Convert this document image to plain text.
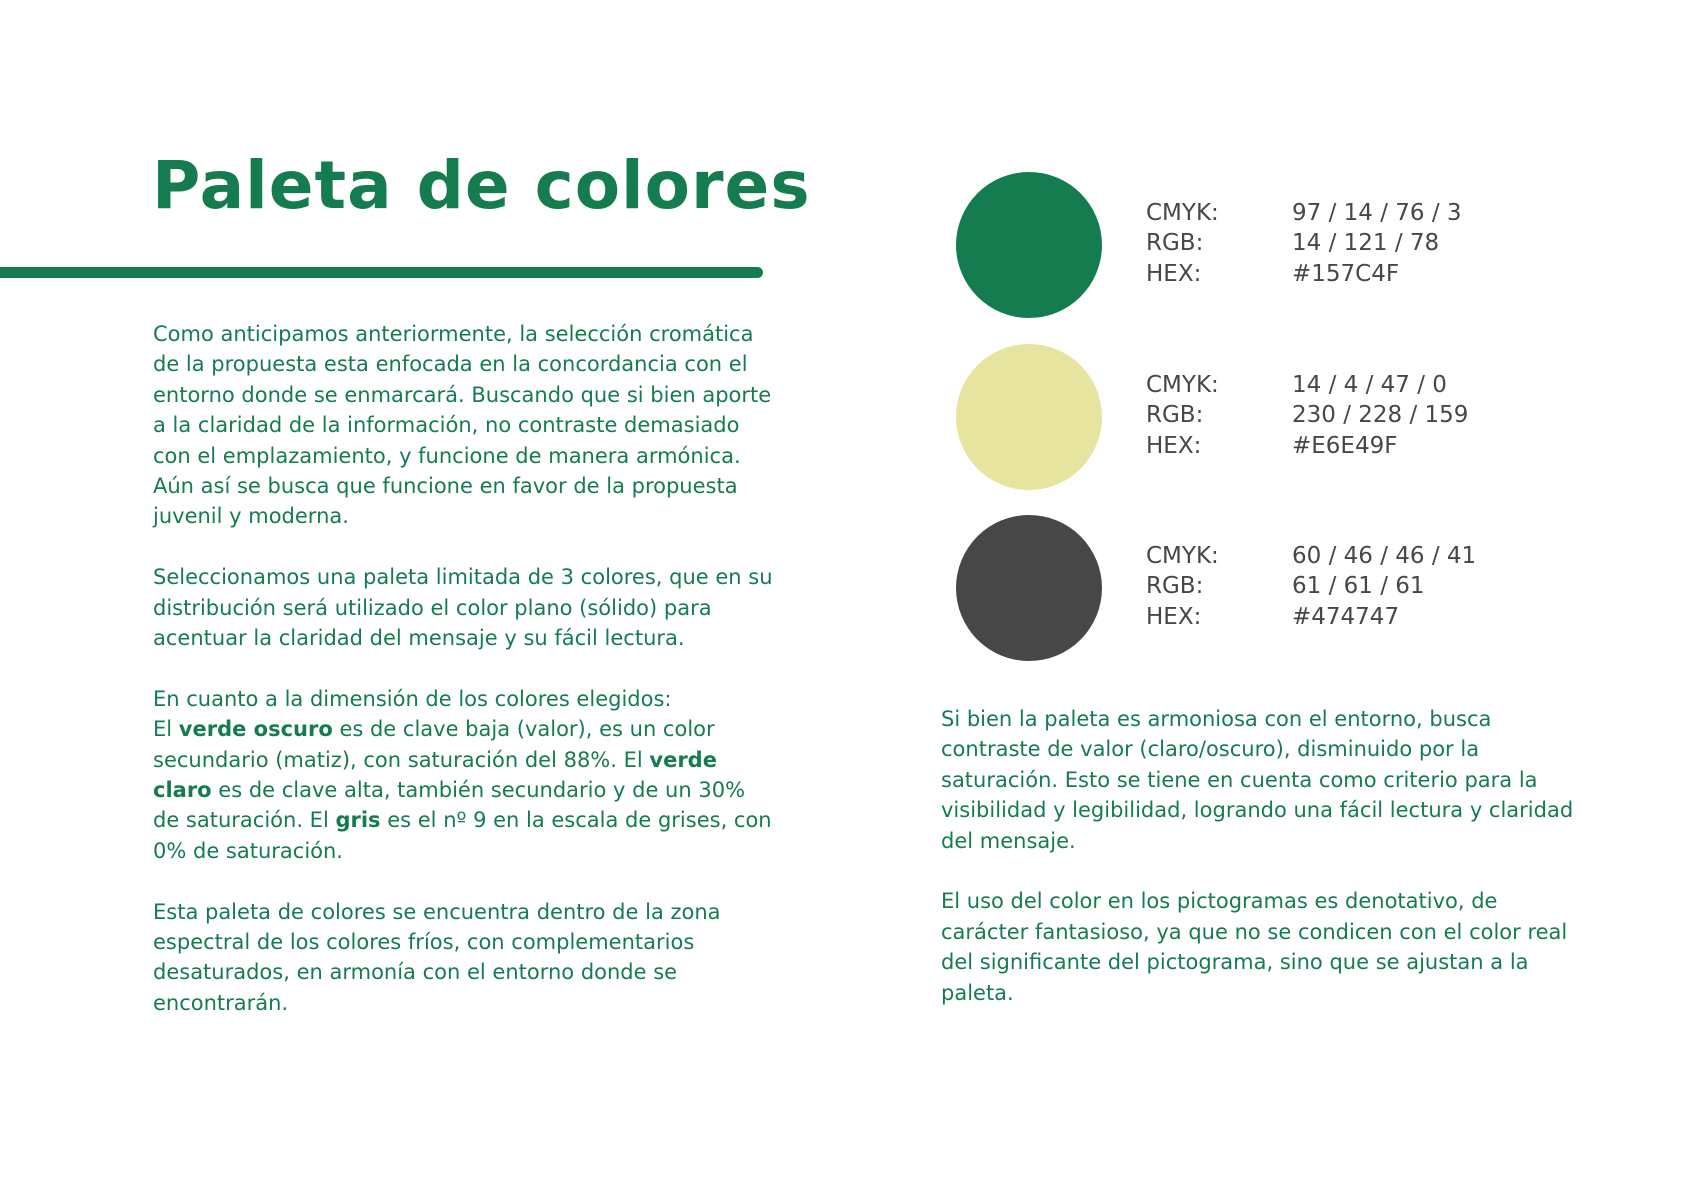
Paleta de colores

Como anticipamos anteriormente, la selección cromática de la propuesta esta enfocada en la concordancia con el entorno donde se enmarcará. Buscando que si bien aporte a la claridad de la información, no contraste demasiado con el emplazamiento, y funcione de manera armónica. Aún así se busca que funcione en favor de la propuesta juvenil y moderna.

Seleccionamos una paleta limitada de 3 colores, que en su distribución será utilizado el color plano (sólido) para acentuar la claridad del mensaje y su fácil lectura.

En cuanto a la dimensión de los colores elegidos:
El verde oscuro es de clave baja (valor), es un color secundario (matiz), con saturación del 88%. El verde claro es de clave alta, también secundario y de un 30% de saturación. El gris es el nº 9 en la escala de grises, con 0% de saturación.

Esta paleta de colores se encuentra dentro de la zona espectral de los colores fríos, con complementarios desaturados, en armonía con el entorno donde se encontrarán.

CMYK:	97 / 14 / 76 / 3
RGB:	14 / 121 / 78
HEX:	#157C4F
CMYK:	14 / 4 / 47 / 0
RGB:	230 / 228 / 159
HEX:	#E6E49F
CMYK:	60 / 46 / 46 / 41
RGB:	61 / 61 / 61
HEX:	#474747

Si bien la paleta es armoniosa con el entorno, busca contraste de valor (claro/oscuro), disminuido por la saturación. Esto se tiene en cuenta como criterio para la visibilidad y legibilidad, logrando una fácil lectura y claridad del mensaje.

El uso del color en los pictogramas es denotativo, de carácter fantasioso, ya que no se condicen con el color real del significante del pictograma, sino que se ajustan a la paleta.
